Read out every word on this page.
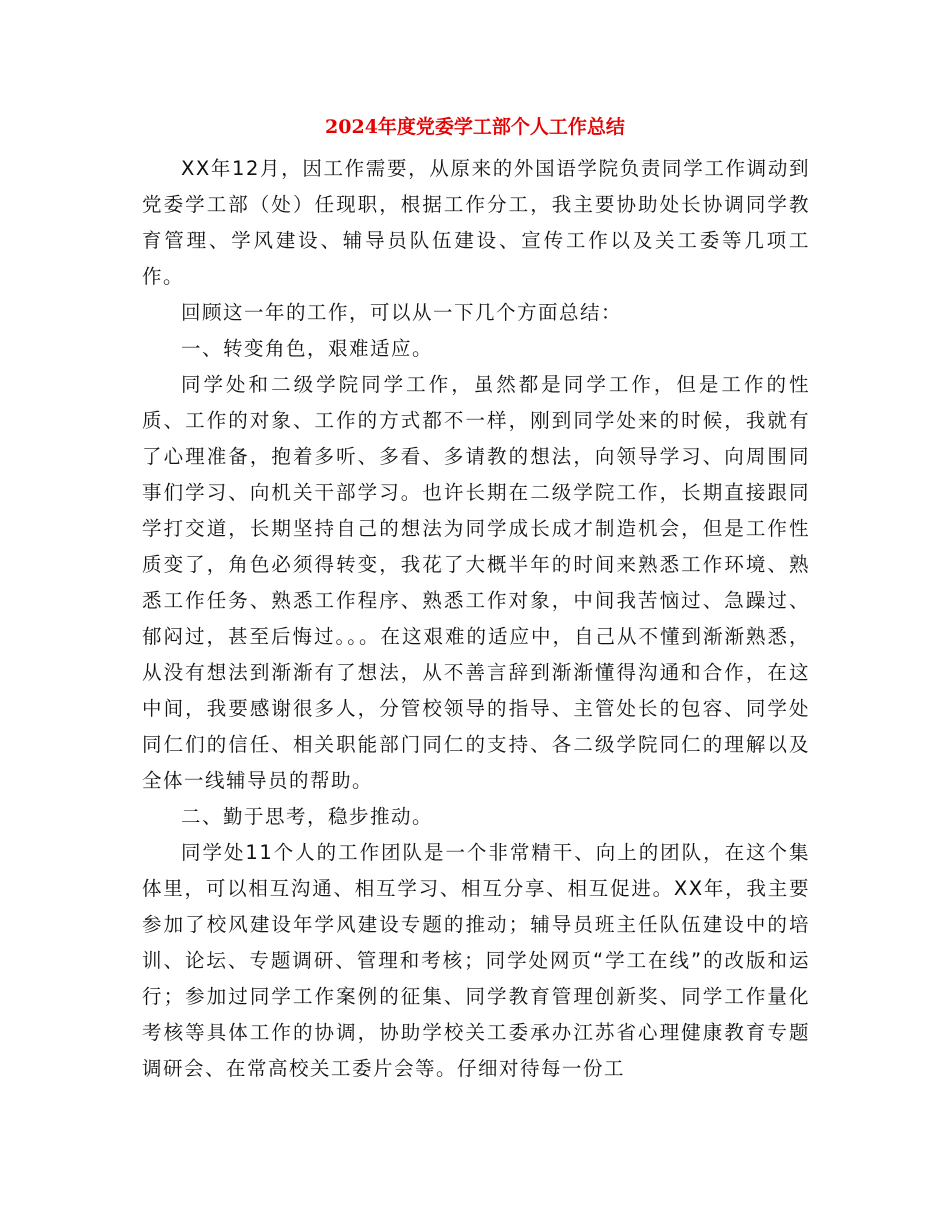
2024年度党委学工部个人工作总结

XX年12月，因工作需要，从原来的外国语学院负责同学工作调动到党委学工部（处）任现职，根据工作分工，我主要协助处长协调同学教育管理、学风建设、辅导员队伍建设、宣传工作以及关工委等几项工作。

回顾这一年的工作，可以从一下几个方面总结：

一、转变角色，艰难适应。

同学处和二级学院同学工作，虽然都是同学工作，但是工作的性质、工作的对象、工作的方式都不一样，刚到同学处来的时候，我就有了心理准备，抱着多听、多看、多请教的想法，向领导学习、向周围同事们学习、向机关干部学习。也许长期在二级学院工作，长期直接跟同学打交道，长期坚持自己的想法为同学成长成才制造机会，但是工作性质变了，角色必须得转变，我花了大概半年的时间来熟悉工作环境、熟悉工作任务、熟悉工作程序、熟悉工作对象，中间我苦恼过、急躁过、郁闷过，甚至后悔过。。。在这艰难的适应中，自己从不懂到渐渐熟悉，从没有想法到渐渐有了想法，从不善言辞到渐渐懂得沟通和合作，在这中间，我要感谢很多人，分管校领导的指导、主管处长的包容、同学处同仁们的信任、相关职能部门同仁的支持、各二级学院同仁的理解以及全体一线辅导员的帮助。

二、勤于思考，稳步推动。

同学处11个人的工作团队是一个非常精干、向上的团队，在这个集体里，可以相互沟通、相互学习、相互分享、相互促进。XX年，我主要参加了校风建设年学风建设专题的推动；辅导员班主任队伍建设中的培训、论坛、专题调研、管理和考核；同学处网页“学工在线”的改版和运行；参加过同学工作案例的征集、同学教育管理创新奖、同学工作量化考核等具体工作的协调，协助学校关工委承办江苏省心理健康教育专题调研会、在常高校关工委片会等。仔细对待每一份工
